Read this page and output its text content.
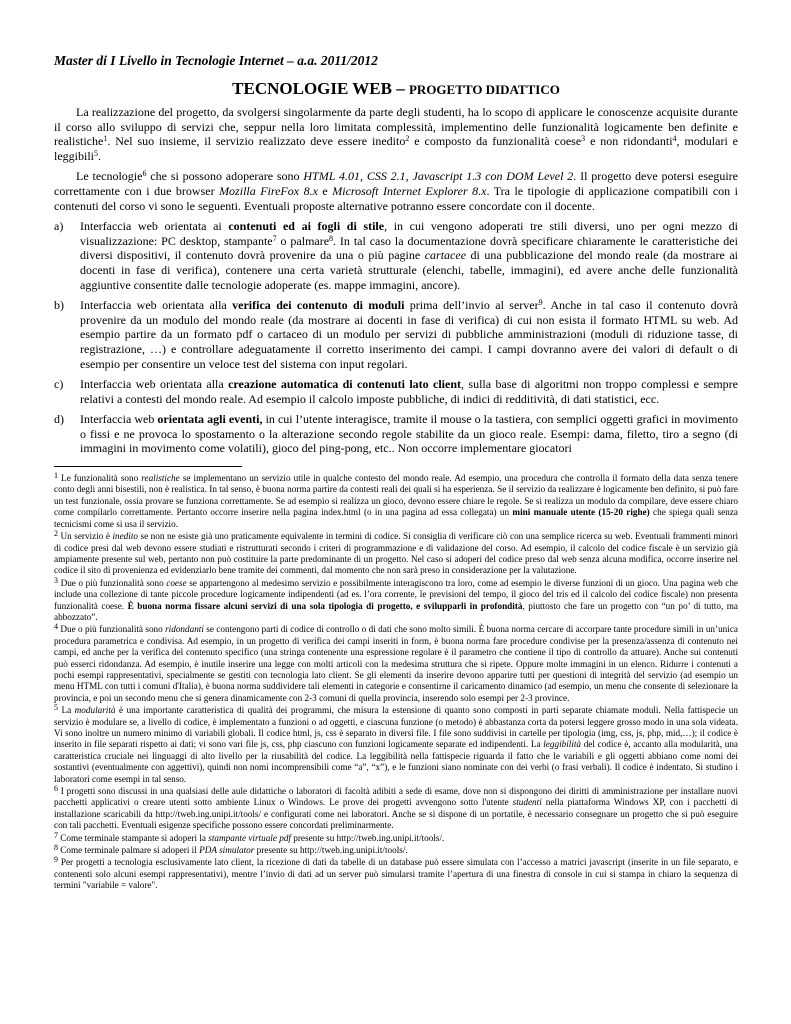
Master di I Livello in Tecnologie Internet – a.a. 2011/2012
TECNOLOGIE WEB – PROGETTO DIDATTICO

La realizzazione del progetto, da svolgersi singolarmente da parte degli studenti, ha lo scopo di applicare le conoscenze acquisite durante il corso allo sviluppo di servizi che, seppur nella loro limitata complessità, implementino delle funzionalità logicamente ben definite e realistiche$^1$. Nel suo insieme, il servizio realizzato deve essere inedito$^2$ e composto da funzionalità coese$^3$ e non ridondanti$^4$, modulari e leggibili$^5$.

Le tecnologie$^6$ che si possono adoperare sono HTML 4.01, CSS 2.1, Javascript 1.3 con DOM Level 2. Il progetto deve potersi eseguire correttamente con i due browser Mozilla FireFox 8.x e Microsoft Internet Explorer 8.x. Tra le tipologie di applicazione compatibili con i contenuti del corso vi sono le seguenti. Eventuali proposte alternative potranno essere concordate con il docente.

a)	Interfaccia web orientata ai contenuti ed ai fogli di stile, in cui vengono adoperati tre stili diversi, uno per ogni mezzo di visualizzazione: PC desktop, stampante$^7$ o palmare$^8$. In tal caso la documentazione dovrà specificare chiaramente le caratteristiche dei diversi dispositivi, il contenuto dovrà provenire da una o più pagine cartacee di una pubblicazione del mondo reale (da mostrare ai docenti in fase di verifica), contenere una certa varietà strutturale (elenchi, tabelle, immagini), ed avere anche delle funzionalità aggiuntive consentite dalle tecnologie adoperate (es. mappe immagini, ancore).
b)	Interfaccia web orientata alla verifica dei contenuto di moduli prima dell’invio al server$^9$. Anche in tal caso il contenuto dovrà provenire da un modulo del mondo reale (da mostrare ai docenti in fase di verifica) di cui non esista il formato HTML su web. Ad esempio partire da un formato pdf o cartaceo di un modulo per servizi di pubbliche amministrazioni (moduli di riduzione tasse, di registrazione, …) e controllare adeguatamente il corretto inserimento dei campi. I campi dovranno avere dei valori di default o di esempio per consentire un veloce test del sistema con input regolari.
c)	Interfaccia web orientata alla creazione automatica di contenuti lato client, sulla base di algoritmi non troppo complessi e sempre relativi a contesti del mondo reale. Ad esempio il calcolo imposte pubbliche, di indici di redditività, di dati statistici, ecc.
d)	Interfaccia web orientata agli eventi, in cui l’utente interagisce, tramite il mouse o la tastiera, con semplici oggetti grafici in movimento o fissi e ne provoca lo spostamento o la alterazione secondo regole stabilite da un gioco reale. Esempi: dama, filetto, tiro a segno (di immagini in movimento come volatili), gioco del ping-pong, etc.. Non occorre implementare giocatori
$^1$ Le funzionalità sono realistiche se implementano un servizio utile in qualche contesto del mondo reale. Ad esempio, una procedura che controlla il formato della data senza tenere conto degli anni bisestili, non è realistica. In tal senso, è buona norma partire da contesti reali dei quali si ha esperienza. Se il servizio da realizzare è logicamente ben definito, si può fare un test funzionale, ossia provare se funziona correttamente. Se ad esempio si realizza un gioco, devono essere chiare le regole. Se si realizza un modulo da compilare, deve essere chiaro come compilarlo correttamente. Pertanto occorre inserire nella pagina index.html (o in una pagina ad essa collegata) un mini manuale utente (15-20 righe) che spiega quali senza tecnicismi come si usa il servizio.
$^2$ Un servizio è inedito se non ne esiste già uno praticamente equivalente in termini di codice. Si consiglia di verificare ciò con una semplice ricerca su web. Eventuali frammenti minori di codice presi dal web devono essere studiati e ristrutturati secondo i criteri di programmazione e di validazione del corso. Ad esempio, il calcolo del codice fiscale è un servizio già ampiamente presente sul web, pertanto non può costituire la parte predominante di un progetto. Nel caso si adoperi del codice preso dal web senza alcuna modifica, occorre inserire nel codice il sito di provenienza ed evidenziarlo bene tramite dei commenti, dal momento che non sarà preso in considerazione per la valutazione.
$^3$ Due o più funzionalità sono coese se appartengono al medesimo servizio e possibilmente interagiscono tra loro, come ad esempio le diverse funzioni di un gioco. Una pagina web che include una collezione di tante piccole procedure logicamente indipendenti (ad es. l’ora corrente, le previsioni del tempo, il gioco del tris ed il calcolo del codice fiscale) non presenta funzionalità coese. È buona norma fissare alcuni servizi di una sola tipologia di progetto, e svilupparli in profondità, piuttosto che fare un progetto con “un po’ di tutto, ma abbozzato”.
$^4$ Due o più funzionalità sono ridondanti se contengono parti di codice di controllo o di dati che sono molto simili. È buona norma cercare di accorpare tante procedure simili in un’unica procedura parametrica e condivisa. Ad esempio, in un progetto di verifica dei campi inseriti in form, è buona norma fare procedure condivise per la presenza/assenza di contenuto nei campi, ed anche per la verifica del contenuto specifico (una stringa contenente una espressione regolare è il parametro che contiene il tipo di controllo da attuare). Anche sui contenuti può esserci ridondanza. Ad esempio, è inutile inserire una legge con molti articoli con la medesima struttura che si ripete. Oppure molte immagini in un elenco. Ridurre i contenuti a pochi esempi rappresentativi, specialmente se gestiti con tecnologia lato client. Se gli elementi da inserire devono apparire tutti per questioni di integrità del servizio (ad esempio un menu HTML con tutti i comuni d'Italia), è buona norma suddividere tali elementi in categorie e consentirne il caricamento dinamico (ad esempio, un menu che consente di selezionare la provincia, e poi un secondo menu che si genera dinamicamente con 2-3 comuni di quella provincia, inserendo solo esempi per 2-3 province.
$^5$ La modularità è una importante caratteristica di qualità dei programmi, che misura la estensione di quanto sono composti in parti separate chiamate moduli. Nella fattispecie un servizio è modulare se, a livello di codice, è implementato a funzioni o ad oggetti, e ciascuna funzione (o metodo) è abbastanza corta da potersi leggere grosso modo in una sola videata. Vi sono inoltre un numero minimo di variabili globali. Il codice html, js, css è separato in diversi file. I file sono suddivisi in cartelle per tipologia (img, css, js, php, mid,…); il codice è inserito in file separati rispetto ai dati; vi sono vari file js, css, php ciascuno con funzioni logicamente separate ed indipendenti. La leggibilità del codice è, accanto alla modularità, una caratteristica cruciale nei linguaggi di alto livello per la riusabilità del codice. La leggibilità nella fattispecie riguarda il fatto che le variabili e gli oggetti abbiano come nomi dei sostantivi (eventualmente con aggettivi), quindi non nomi incomprensibili come “a”, “x”), e le funzioni siano nominate con dei verbi (o frasi verbali). Il codice è indentato. Si studino i laboratori come esempi in tal senso.
$^6$ I progetti sono discussi in una qualsiasi delle aule didattiche o laboratori di facoltà adibiti a sede di esame, dove non si dispongono dei diritti di amministrazione per installare nuovi pacchetti applicativi o creare utenti sotto ambiente Linux o Windows. Le prove dei progetti avvengono sotto l'utente studenti nella piattaforma Windows XP, con i pacchetti di installazione scaricabili da http://tweb.ing.unipi.it/tools/ e configurati come nei laboratori. Anche se si dispone di un portatile, è necessario consegnare un progetto che si può eseguire con tali pacchetti. Eventuali esigenze specifiche possono essere concordati preliminarmente.
$^7$ Come terminale stampante si adoperi la stampante virtuale pdf presente su http://tweb.ing.unipi.it/tools/.
$^8$ Come terminale palmare si adoperi il PDA simulator presente su http://tweb.ing.unipi.it/tools/.
$^9$ Per progetti a tecnologia esclusivamente lato client, la ricezione di dati da tabelle di un database può essere simulata con l’accesso a matrici javascript (inserite in un file separato, e contenenti solo alcuni esempi rappresentativi), mentre l’invio di dati ad un server può simularsi tramite l’apertura di una finestra di console in cui si stampa in chiaro la sequenza di termini "variabile = valore".
